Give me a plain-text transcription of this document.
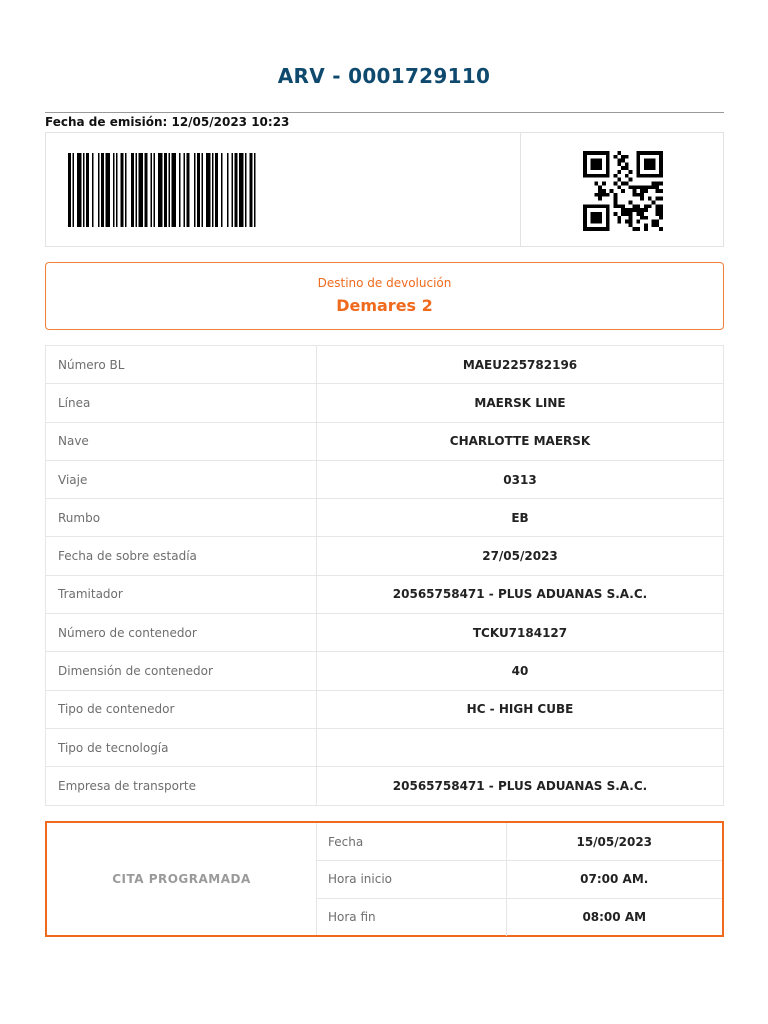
ARV - 0001729110
Fecha de emisión: 12/05/2023 10:23
Destino de devolución
Demares 2
Número BL	MAEU225782196
Línea	MAERSK LINE
Nave	CHARLOTTE MAERSK
Viaje	0313
Rumbo	EB
Fecha de sobre estadía	27/05/2023
Tramitador	20565758471 - PLUS ADUANAS S.A.C.
Número de contenedor	TCKU7184127
Dimensión de contenedor	40
Tipo de contenedor	HC - HIGH CUBE
Tipo de tecnología	
Empresa de transporte	20565758471 - PLUS ADUANAS S.A.C.
CITA PROGRAMADA
Fecha	15/05/2023
Hora inicio	07:00 AM.
Hora fin	08:00 AM
